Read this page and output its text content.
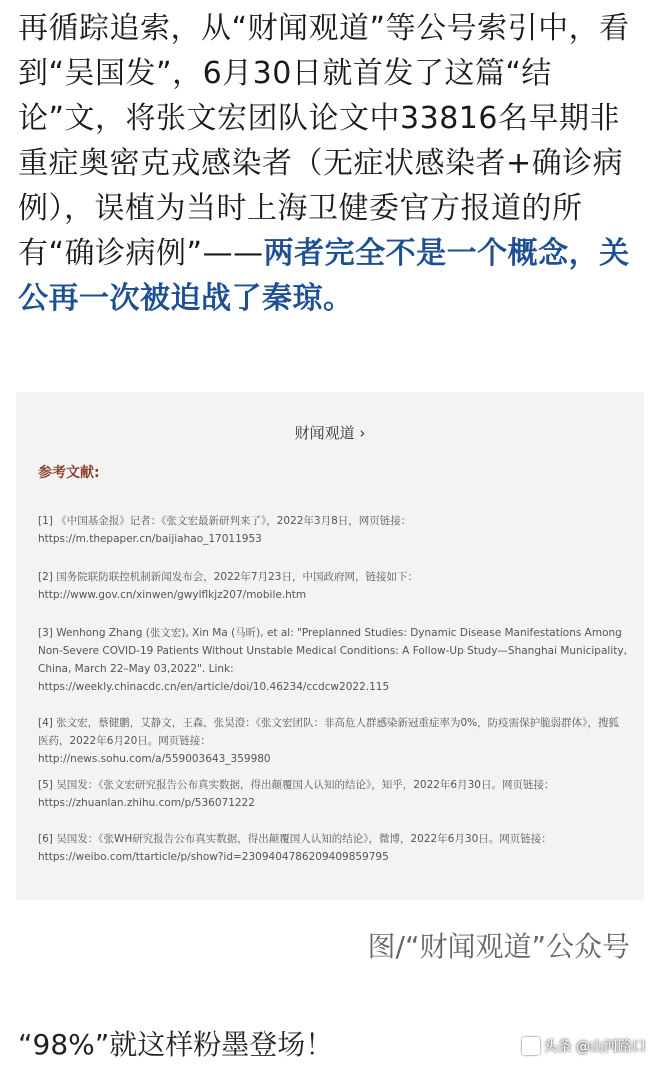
再循踪追索，从“财闻观道”等公号索引中，看到“吴国发”，6月30日就首发了这篇“结论”文，将张文宏团队论文中33816名早期非重症奥密克戎感染者（无症状感染者+确诊病例），误植为当时上海卫健委官方报道的所有“确诊病例”——两者完全不是一个概念，关公再一次被迫战了秦琼。

财闻观道 ›
参考文献:
[1] 《中国基金报》记者：《张文宏最新研判来了》，2022年3月8日，网页链接：
https://m.thepaper.cn/baijiahao_17011953
[2] 国务院联防联控机制新闻发布会，2022年7月23日，中国政府网，链接如下：
http://www.gov.cn/xinwen/gwylflkjz207/mobile.htm
[3] Wenhong Zhang (张文宏), Xin Ma (马昕), et al: "Preplanned Studies: Dynamic Disease Manifestations Among Non-Severe COVID-19 Patients Without Unstable Medical Conditions: A Follow-Up Study—Shanghai Municipality, China, March 22–May 03,2022". Link:
https://weekly.chinacdc.cn/en/article/doi/10.46234/ccdcw2022.115
[4] 张文宏，蔡健鹏，艾静文，王森，张昊澄：《张文宏团队：非高危人群感染新冠重症率为0%，防疫需保护脆弱群体》，搜狐医药，2022年6月20日。网页链接：
http://news.sohu.com/a/559003643_359980
[5] 吴国发：《张文宏研究报告公布真实数据，得出颠覆国人认知的结论》，知乎，2022年6月30日。网页链接：
https://zhuanlan.zhihu.com/p/536071222
[6] 吴国发：《张WH研究报告公布真实数据，得出颠覆国人认知的结论》，微博，2022年6月30日。网页链接：
https://weibo.com/ttarticle/p/show?id=2309404786209409859795
图/“财闻观道”公众号
“98%”就这样粉墨登场！	头条 @山河路口
